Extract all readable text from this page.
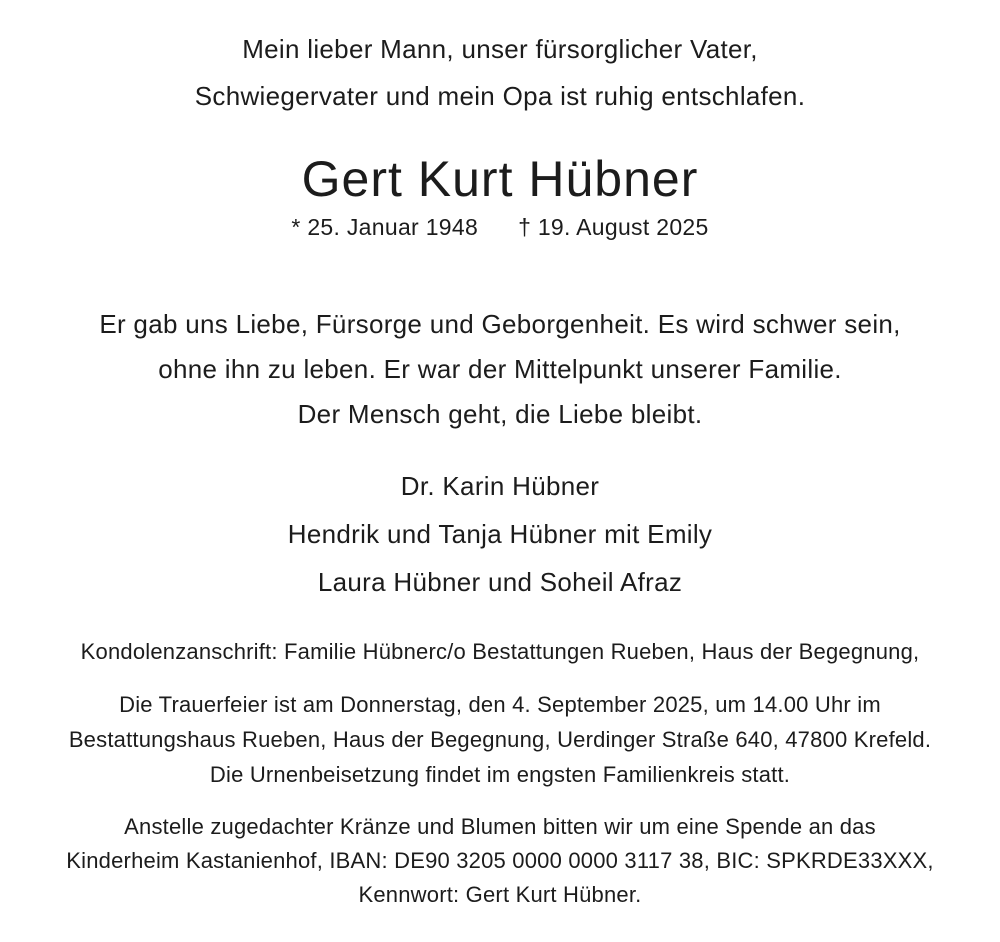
Mein lieber Mann, unser fürsorglicher Vater,
Schwiegervater und mein Opa ist ruhig entschlafen.
Gert Kurt Hübner
* 25. Januar 1948 † 19. August 2025
Er gab uns Liebe, Fürsorge und Geborgenheit. Es wird schwer sein,
ohne ihn zu leben. Er war der Mittelpunkt unserer Familie.
Der Mensch geht, die Liebe bleibt.
Dr. Karin Hübner
Hendrik und Tanja Hübner mit Emily
Laura Hübner und Soheil Afraz
Kondolenzanschrift: Familie Hübnerc/o Bestattungen Rueben, Haus der Begegnung,
Die Trauerfeier ist am Donnerstag, den 4. September 2025, um 14.00 Uhr im
Bestattungshaus Rueben, Haus der Begegnung, Uerdinger Straße 640, 47800 Krefeld.
Die Urnenbeisetzung findet im engsten Familienkreis statt.
Anstelle zugedachter Kränze und Blumen bitten wir um eine Spende an das
Kinderheim Kastanienhof, IBAN: DE90 3205 0000 0000 3117 38, BIC: SPKRDE33XXX,
Kennwort: Gert Kurt Hübner.
